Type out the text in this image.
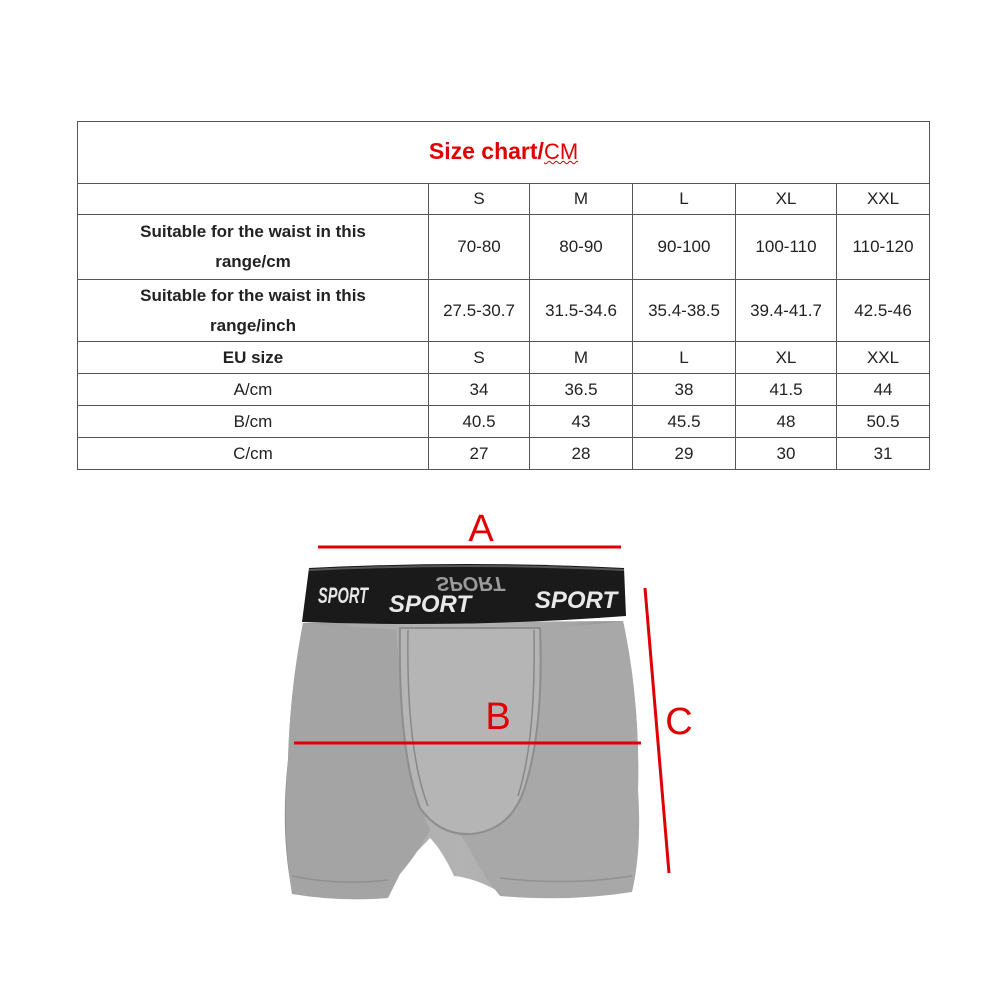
Size chart/CM					
	S	M	L	XL	XXL
Suitable for the waist in this range/cm	70-80	80-90	90-100	100-110	110-120
Suitable for the waist in this range/inch	27.5-30.7	31.5-34.6	35.4-38.5	39.4-41.7	42.5-46
EU size	S	M	L	XL	XXL
A/cm	34	36.5	38	41.5	44
B/cm	40.5	43	45.5	48	50.5
C/cm	27	28	29	30	31
A
SPORT
SPORT SPORT	SPORT
B	C
